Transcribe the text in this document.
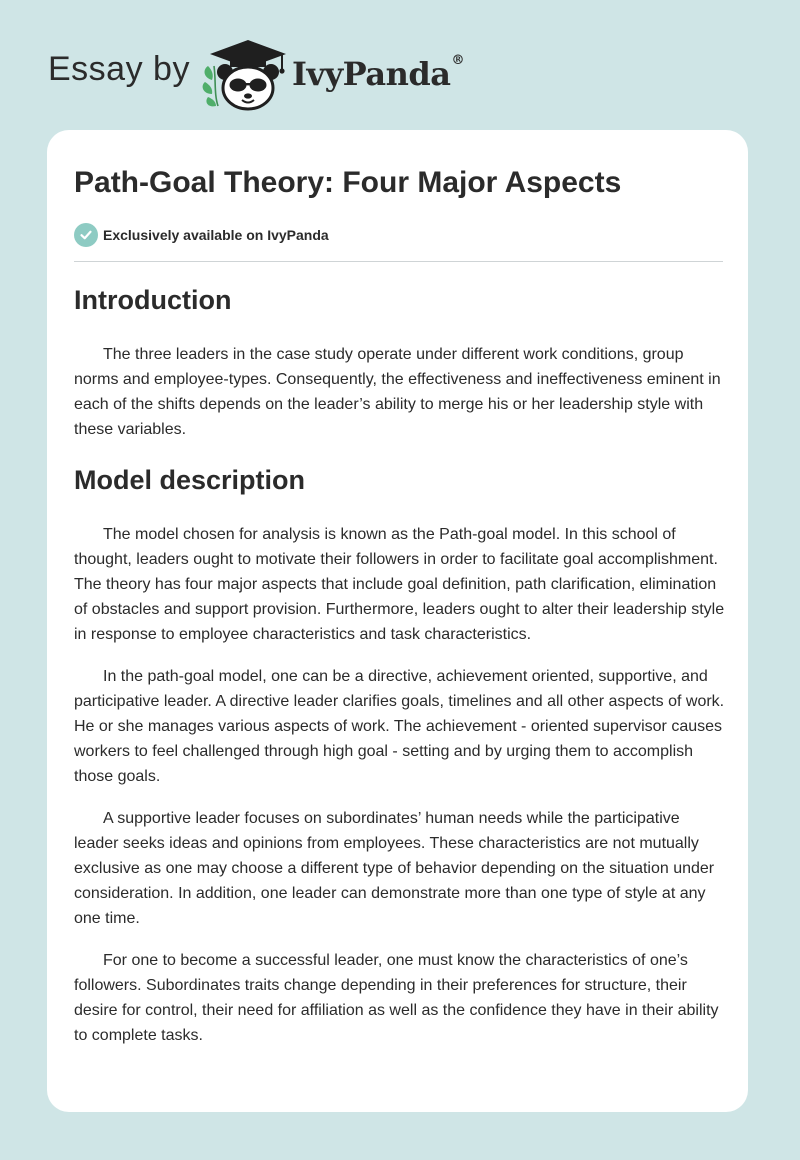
Essay by	IvyPanda®
Path-Goal Theory: Four Major Aspects
Exclusively available on IvyPanda
Introduction

The three leaders in the case study operate under different work conditions, group norms and employee-types. Consequently, the effectiveness and ineffectiveness eminent in each of the shifts depends on the leader’s ability to merge his or her leadership style with these variables.

Model description

The model chosen for analysis is known as the Path-goal model. In this school of thought, leaders ought to motivate their followers in order to facilitate goal accomplishment. The theory has four major aspects that include goal definition, path clarification, elimination of obstacles and support provision. Furthermore, leaders ought to alter their leadership style in response to employee characteristics and task characteristics.

In the path-goal model, one can be a directive, achievement oriented, supportive, and participative leader. A directive leader clarifies goals, timelines and all other aspects of work. He or she manages various aspects of work. The achievement - oriented supervisor causes workers to feel challenged through high goal - setting and by urging them to accomplish those goals.

A supportive leader focuses on subordinates’ human needs while the participative leader seeks ideas and opinions from employees. These characteristics are not mutually exclusive as one may choose a different type of behavior depending on the situation under consideration. In addition, one leader can demonstrate more than one type of style at any one time.

For one to become a successful leader, one must know the characteristics of one’s followers. Subordinates traits change depending in their preferences for structure, their desire for control, their need for affiliation as well as the confidence they have in their ability to complete tasks.
